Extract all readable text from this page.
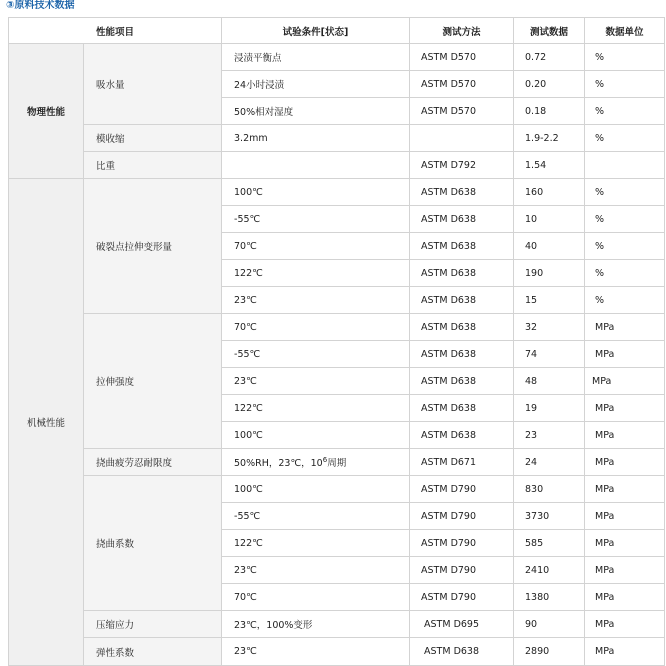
③原料技术数据
性能项目		试验条件[状态]	测试方法	测试数据	数据单位
物理性能	吸水量	浸渍平衡点	ASTM D570	0.72	%
		24小时浸渍	ASTM D570	0.20	%
		50%相对湿度	ASTM D570	0.18	%
	模收缩	3.2mm		1.9-2.2	%
	比重		ASTM D792	1.54	
机械性能	破裂点拉伸变形量	100℃	ASTM D638	160	%
		-55℃	ASTM D638	10	%
		70℃	ASTM D638	40	%
		122℃	ASTM D638	190	%
		23℃	ASTM D638	15	%
	拉伸强度	70℃	ASTM D638	32	MPa
		-55℃	ASTM D638	74	MPa
		23℃	ASTM D638	48	MPa
		122℃	ASTM D638	19	MPa
		100℃	ASTM D638	23	MPa
	挠曲疲劳忍耐限度	50%RH，23℃，$10^6$周期	ASTM D671	24	MPa
	挠曲系数	100℃	ASTM D790	830	MPa
		-55℃	ASTM D790	3730	MPa
		122℃	ASTM D790	585	MPa
		23℃	ASTM D790	2410	MPa
		70℃	ASTM D790	1380	MPa
	压缩应力	23℃，100%变形	ASTM D695	90	MPa
	弹性系数	23℃	ASTM D638	2890	MPa
